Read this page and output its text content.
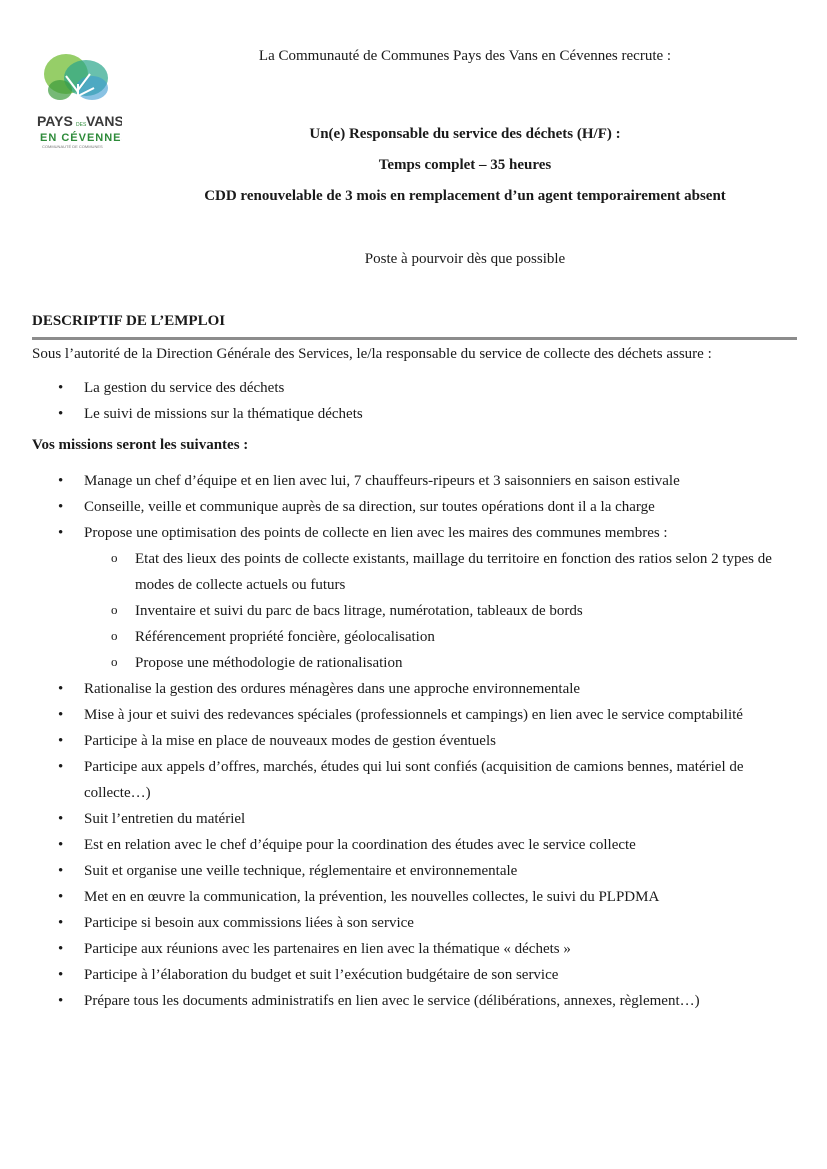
PAYS VANS
DES
EN CÉVENNES
COMMUNAUTÉ DE COMMUNES
La Communauté de Communes Pays des Vans en Cévennes recrute :
Un(e) Responsable du service des déchets (H/F) :
Temps complet – 35 heures
CDD renouvelable de 3 mois en remplacement d’un agent temporairement absent
Poste à pourvoir dès que possible
DESCRIPTIF DE L’EMPLOI
Sous l’autorité de la Direction Générale des Services, le/la responsable du service de collecte des déchets assure :
• La gestion du service des déchets
• Le suivi de missions sur la thématique déchets
Vos missions seront les suivantes :
• Manage un chef d’équipe et en lien avec lui, 7 chauffeurs-ripeurs et 3 saisonniers en saison estivale
• Conseille, veille et communique auprès de sa direction, sur toutes opérations dont il a la charge
• Propose une optimisation des points de collecte en lien avec les maires des communes membres :
o Etat des lieux des points de collecte existants, maillage du territoire en fonction des ratios selon 2 types de modes de collecte actuels ou futurs
o Inventaire et suivi du parc de bacs litrage, numérotation, tableaux de bords
o Référencement propriété foncière, géolocalisation
o Propose une méthodologie de rationalisation
• Rationalise la gestion des ordures ménagères dans une approche environnementale
• Mise à jour et suivi des redevances spéciales (professionnels et campings) en lien avec le service comptabilité
• Participe à la mise en place de nouveaux modes de gestion éventuels
• Participe aux appels d’offres, marchés, études qui lui sont confiés (acquisition de camions bennes, matériel de collecte…)
• Suit l’entretien du matériel
• Est en relation avec le chef d’équipe pour la coordination des études avec le service collecte
• Suit et organise une veille technique, réglementaire et environnementale
• Met en en œuvre la communication, la prévention, les nouvelles collectes, le suivi du PLPDMA
• Participe si besoin aux commissions liées à son service
• Participe aux réunions avec les partenaires en lien avec la thématique « déchets »
• Participe à l’élaboration du budget et suit l’exécution budgétaire de son service
• Prépare tous les documents administratifs en lien avec le service (délibérations, annexes, règlement…)
